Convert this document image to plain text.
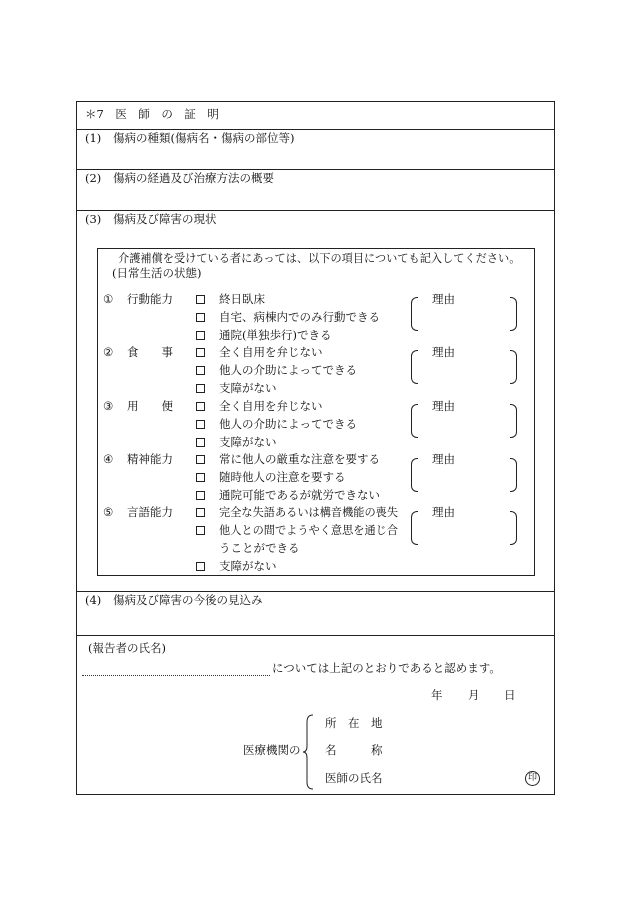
＊7　医　師　の　証　明
(1) 傷病の種類(傷病名・傷病の部位等)
(2) 傷病の経過及び治療方法の概要
(3) 傷病及び障害の現状
(4) 傷病及び障害の今後の見込み
介護補償を受けている者にあっては、以下の項目についても記入してください。
(日常生活の状態)
① 行動能力	終日臥床
自宅、病棟内でのみ行動できる
通院(単独歩行)できる
理由
② 食　　事	全く自用を弁じない
他人の介助によってできる
支障がない
理由
③ 用　　便	全く自用を弁じない
他人の介助によってできる
支障がない
理由
④ 精神能力	常に他人の厳重な注意を要する
随時他人の注意を要する
通院可能であるが就労できない
理由
⑤ 言語能力	完全な失語あるいは構音機能の喪失
他人との間でようやく意思を通じ合
うことができる
支障がない
理由
(報告者の氏名)
については上記のとおりであると認めます。
年 月 日
医療機関の
所　在　地
名　　　称
医師の氏名	印
